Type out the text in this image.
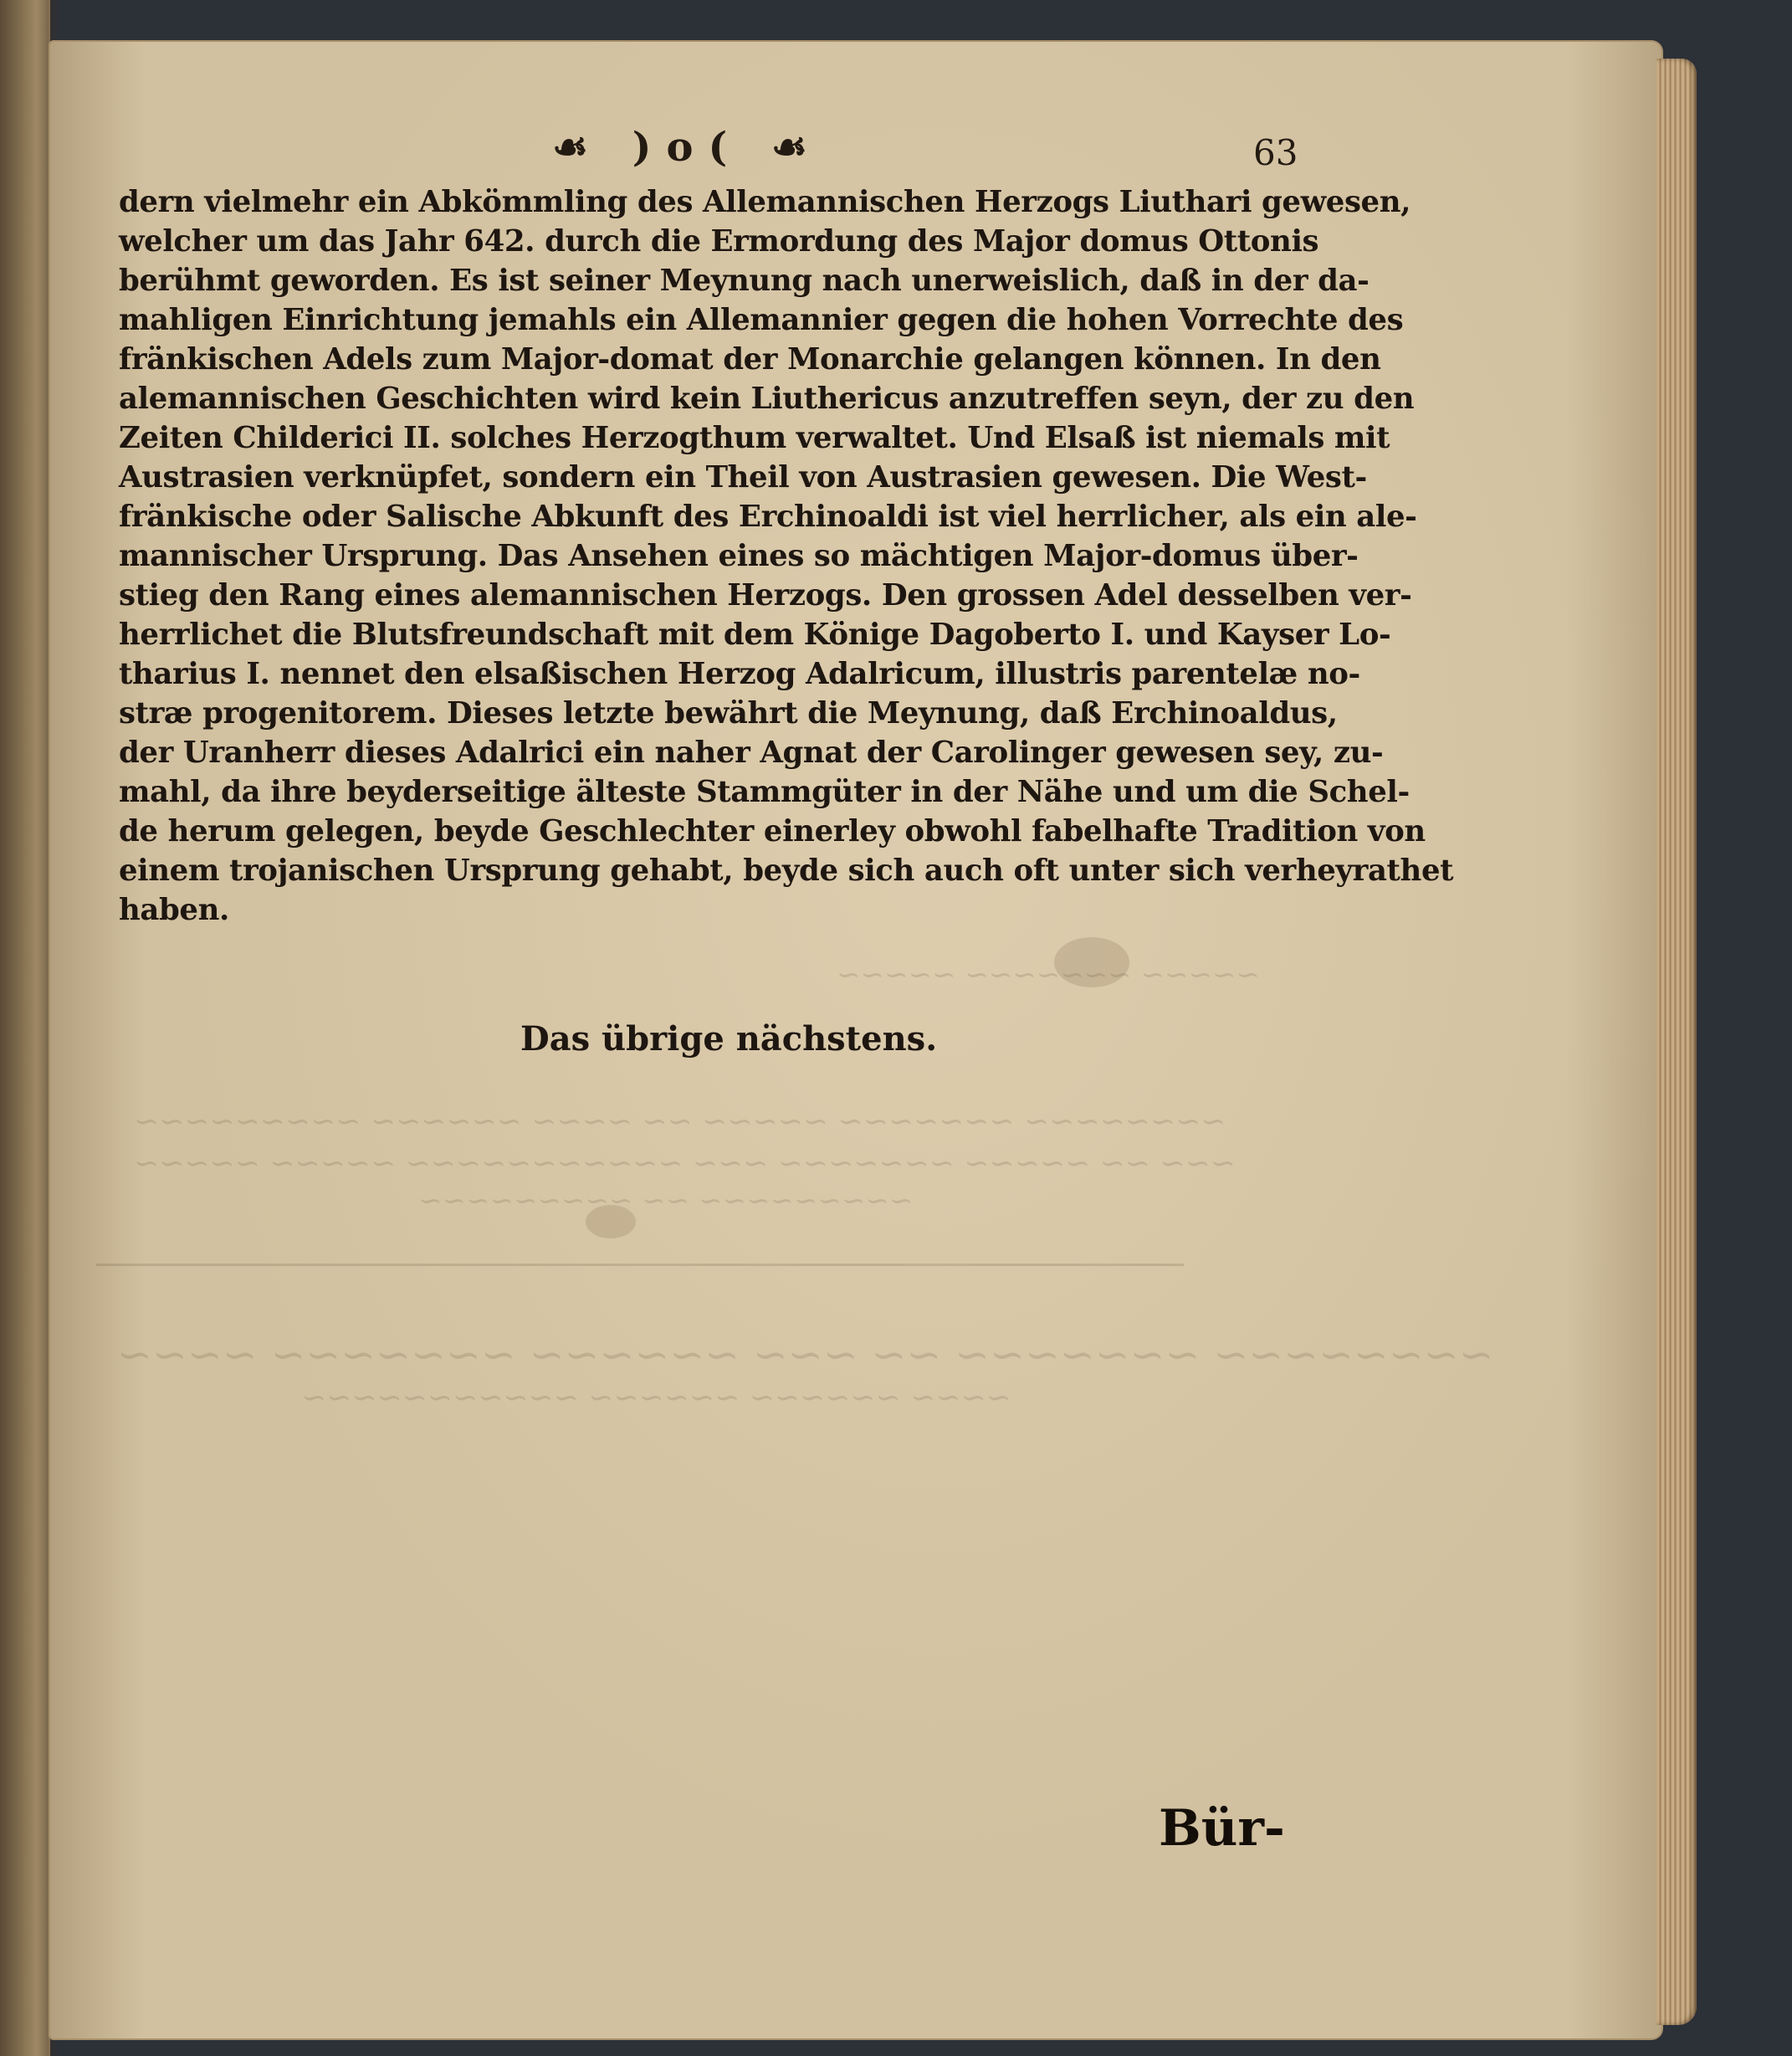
~~~~~ ~~~~~~~ ~~~~~
~~~~~~~~ ~~~~~~~ ~~~~~ ~~ ~~~~ ~~~~~~ ~~~~~~~~~
~~~ ~~ ~~~~~ ~~~~~~~ ~~~ ~~~~~~~~~~~ ~~~~~ ~~~~~
~~~~~~~~~ ~~ ~~~~~~~~~
~~~~~~~~ ~~~~~~~ ~~ ~~~ ~~~~~~ ~~~~~~~ ~~~~
~~~~ ~~~~~~ ~~~~~~ ~~~~~~~~~~~
☙ )o( ☙	63
dern vielmehr ein Abkömmling des Allemannischen Herzogs Liuthari gewesen,
welcher um das Jahr 642. durch die Ermordung des Major domus Ottonis
berühmt geworden. Es ist seiner Meynung nach unerweislich, daß in der da-
mahligen Einrichtung jemahls ein Allemannier gegen die hohen Vorrechte des
fränkischen Adels zum Major-domat der Monarchie gelangen können. In den
alemannischen Geschichten wird kein Liuthericus anzutreffen seyn, der zu den
Zeiten Childerici II. solches Herzogthum verwaltet. Und Elsaß ist niemals mit
Austrasien verknüpfet, sondern ein Theil von Austrasien gewesen. Die West-
fränkische oder Salische Abkunft des Erchinoaldi ist viel herrlicher, als ein ale-
mannischer Ursprung. Das Ansehen eines so mächtigen Major-domus über-
stieg den Rang eines alemannischen Herzogs. Den grossen Adel desselben ver-
herrlichet die Blutsfreundschaft mit dem Könige Dagoberto I. und Kayser Lo-
tharius I. nennet den elsaßischen Herzog Adalricum, illustris parentelæ no-
stræ progenitorem. Dieses letzte bewährt die Meynung, daß Erchinoaldus,
der Uranherr dieses Adalrici ein naher Agnat der Carolinger gewesen sey, zu-
mahl, da ihre beyderseitige älteste Stammgüter in der Nähe und um die Schel-
de herum gelegen, beyde Geschlechter einerley obwohl fabelhafte Tradition von
einem trojanischen Ursprung gehabt, beyde sich auch oft unter sich verheyrathet
haben.
Das übrige nächstens.
Bür-
